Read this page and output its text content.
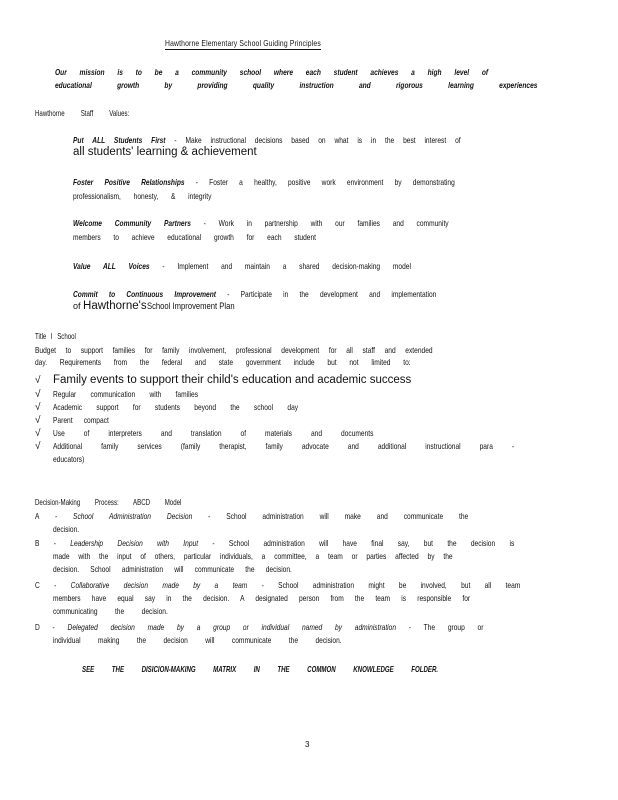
Hawthorne Elementary School Guiding Principles
Our mission is to be a community school where each student achieves a high level of
educational growth by providing quality instruction and rigorous learning experiences
Hawthorne Staff Values:
Put ALL Students First - Make instructional decisions based on what is in the best interest of
all students' learning & achievement
Foster Positive Relationships - Foster a healthy, positive work environment by demonstrating
professionalism, honesty, & integrity
Welcome Community Partners - Work in partnership with our families and community
members to achieve educational growth for each student
Value ALL Voices - Implement and maintain a shared decision-making model
Commit to Continuous Improvement - Participate in the development and implementation
of Hawthorne'sSchool Improvement Plan
Title I School
Budget to support families for family involvement, professional development for all staff and extended
day. Requirements from the federal and state government include but not limited to:
√ Family events to support their child's education and academic success
√ Regular communication with families
√ Academic support for students beyond the school day
√ Parent compact
√ Use of interpreters and translation of materials and documents
√ Additional family services (family therapist, family advocate and additional instructional para -
educators)
Decision-Making Process: ABCD Model
A - School Administration Decision - School administration will make and communicate the
decision.
B - Leadership Decision with Input - School administration will have final say, but the decision is
made with the input of others, particular individuals, a committee, a team or parties affected by the
decision. School administration will communicate the decision.
C - Collaborative decision made by a team - School administration might be involved, but all team
members have equal say in the decision. A designated person from the team is responsible for
communicating the decision.
D - Delegated decision made by a group or individual named by administration - The group or
individual making the decision will communicate the decision.
SEE THE DISICION-MAKING MATRIX IN THE COMMON KNOWLEDGE FOLDER.
3
